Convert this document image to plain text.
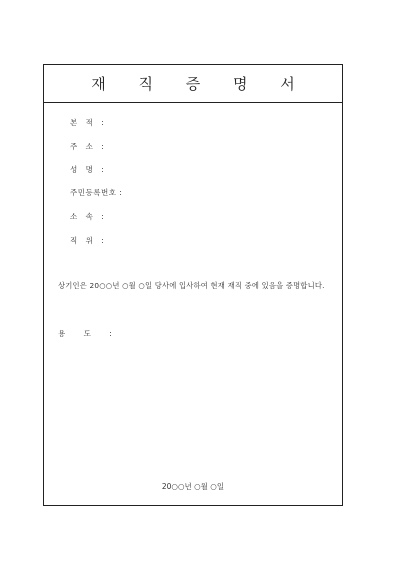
재 직 증 명 서
본 적 :
주 소 :
성 명 :
주민등록번호 :
소 속 :
직 위 :
상기인은 20○○년 ○월 ○일 당사에 입사하여 현재 재직 중에 있음을 증명합니다.
용 도 :
20○○년 ○월 ○일
